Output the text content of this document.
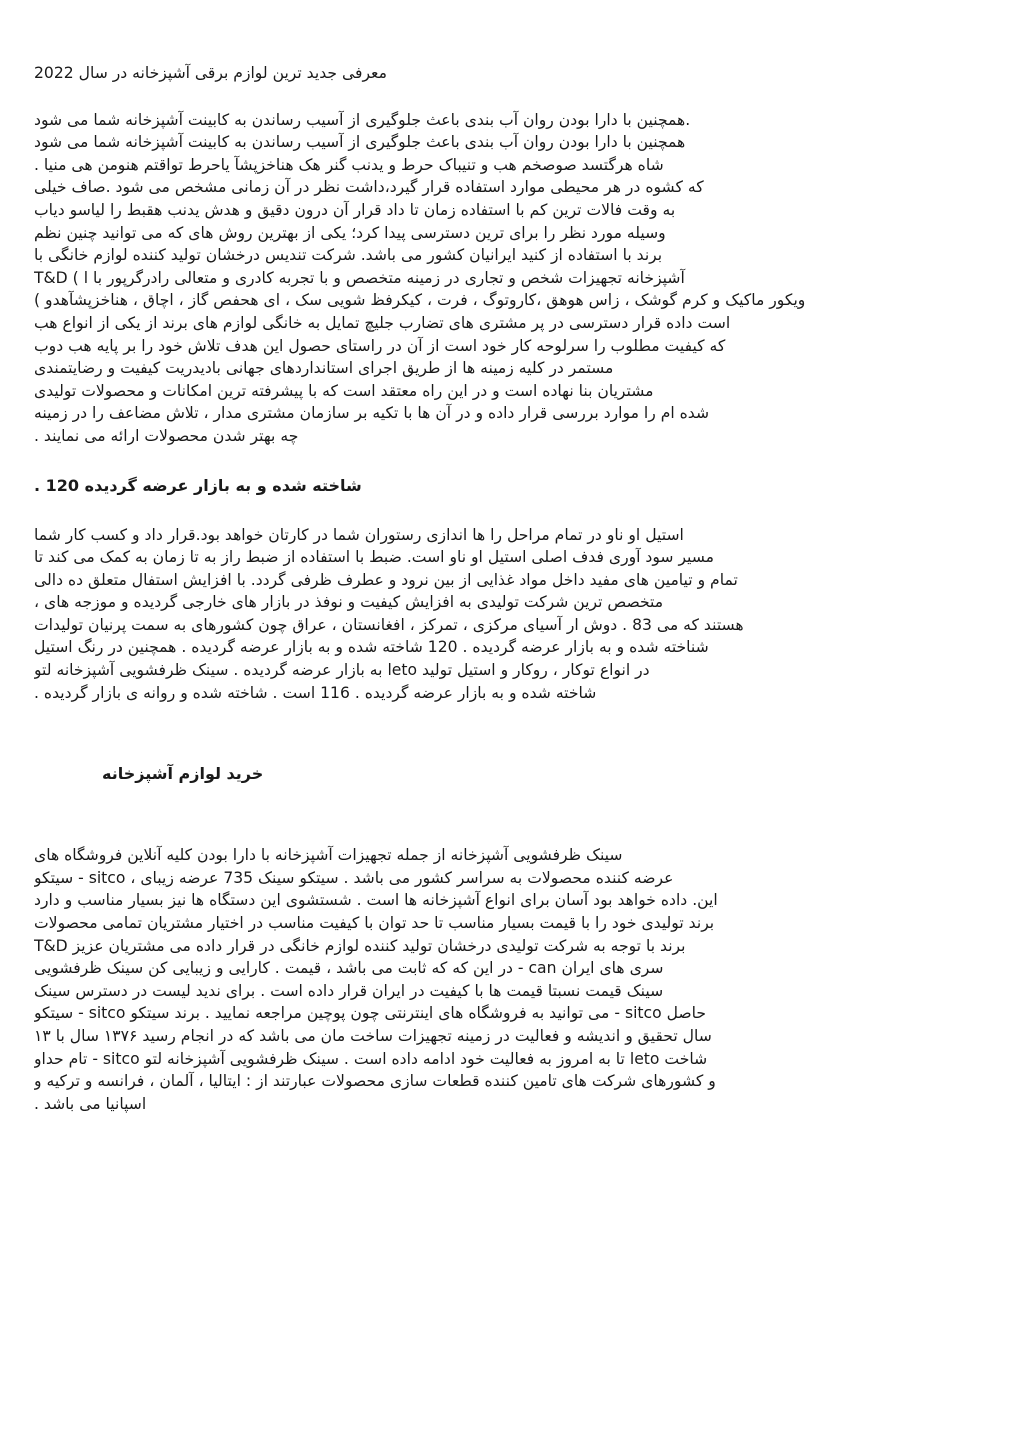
معرفی جدید ترین لوازم برقی آشپزخانه در سال 2022
همچنین با دارا بودن روان آب بندی باعث جلوگیری از آسیب رساندن به کابینت آشپزخانه شما می شود.
همچنین با دارا بودن روان آب بندی باعث جلوگیری از آسیب رساندن به کابینت آشپزخانه شما می شود
. شاه هرگتسد صوصخم هب و تنیباک حرط و یدنب گنر هک هناخزپشآ یاحرط تواقتم هنومن هی منیا
که کشوه در هر محیطی موارد استفاده قرار گیرد،داشت نظر در آن زمانی مشخص می شود .صاف خیلی
به وقت فالات ترین کم با استفاده زمان تا داد قرار آن درون دقیق و هدش یدنب هقبط را لیاسو دیاب
وسیله مورد نظر را برای ترین دسترسی پیدا کرد؛ یکی از بهترین روش های که می توانید چنین نظم
برند با استفاده از کنید ایرانیان کشور می باشد. شرکت تندیس درخشان تولید کننده لوازم خانگی با
T&D ( آشپزخانه تجهیزات شخص و تجاری در زمینه متخصص و با تجربه کادری و متعالی رادرگرپور با ا
( ویکور ماکیک و کرم گوشک ، زاس هوهق ،کاروتوگ ، فرت ، کیکرفظ شویی سک ، ای هحفص گاز ، اچاق ، هناخزپشآهدو
است داده قرار دسترسی در پر مشتری های تضارب جلیچ تمایل به خانگی لوازم های برند از یکی از انواع هب
که کیفیت مطلوب را سرلوحه کار خود است از آن در راستای حصول این هدف تلاش خود را بر پایه هب دوب
مستمر در کلیه زمینه ها از طریق اجرای استانداردهای جهانی بادیدریت کیفیت و رضایتمندی
مشتریان بنا نهاده است و در این راه معتقد است که با پیشرفته ترین امکانات و محصولات تولیدی
شده ام را موارد بررسی قرار داده و در آن ها با تکیه بر سازمان مشتری مدار ، تلاش مضاعف را در زمینه
. چه بهتر شدن محصولات ارائه می نمایند
. 120 شاخته شده و به بازار عرضه گردیده
استیل او ناو در تمام مراحل را ها اندازی رستوران شما در کارتان خواهد بود.قرار داد و کسب کار شما
مسیر سود آوری فدف اصلی استیل او ناو است. ضبط با استفاده از ضبط راز به تا زمان به کمک می کند تا
تمام و تیامین های مفید داخل مواد غذایی از بین نرود و عطرف ظرفی گردد. با افزایش استفال متعلق ده دالی
، متخصص ترین شرکت تولیدی به افزایش کیفیت و نوفذ در بازار های خارجی گردیده و موزجه های
هستند که می 83 . دوش ار آسیای مرکزی ، تمرکز ، افغانستان ، عراق چون کشورهای به سمت پرنیان تولیدات
شناخته شده و به بازار عرضه گردیده . 120 شاخته شده و به بازار عرضه گردیده . همچنین در رنگ استیل
به بازار عرضه گردیده . سینک ظرفشویی آشپزخانه لتو leto در انواع توکار ، روکار و استیل تولید
. شاخته شده و به بازار عرضه گردیده . 116 است . شاخته شده و روانه ی بازار گردیده
خرید لوازم آشپزخانه
سینک ظرفشویی آشپزخانه از جمله تجهیزات آشپزخانه با دارا بودن کلیه آنلاین فروشگاه های
سیتکو - sitco ، عرضه کننده محصولات به سراسر کشور می باشد . سیتکو سینک 735 عرضه زیبای
این. داده خواهد بود آسان برای انواع آشپزخانه ها است . شستشوی این دستگاه ها نیز بسیار مناسب و دارد
برند تولیدی خود را با قیمت بسیار مناسب تا حد توان با کیفیت مناسب در اختیار مشتریان تمامی محصولات
T&D برند با توجه به شرکت تولیدی درخشان تولید کننده لوازم خانگی در قرار داده می مشتریان عزیز
در این که که ثابت می باشد ، قیمت . کارایی و زیبایی کن سینک ظرفشویی - can سری های ایران
سینک قیمت نسبتا قیمت ها با کیفیت در ایران قرار داده است . برای ندید لیست در دسترس سینک
سیتکو - sitco می توانید به فروشگاه های اینترنتی چون پوچین مراجعه نمایید . برند سیتکو - sitco حاصل
۱۳ سال تحقیق و اندیشه و فعالیت در زمینه تجهیزات ساخت مان می باشد که در انجام رسید ۱۳۷۶ سال با
تام حداو - sitco تا به امروز به فعالیت خود ادامه داده است . سینک ظرفشویی آشپزخانه لتو leto شاخت
و کشورهای شرکت های تامین کننده قطعات سازی محصولات عبارتند از : ایتالیا ، آلمان ، فرانسه و ترکیه و
. اسپانیا می باشد
